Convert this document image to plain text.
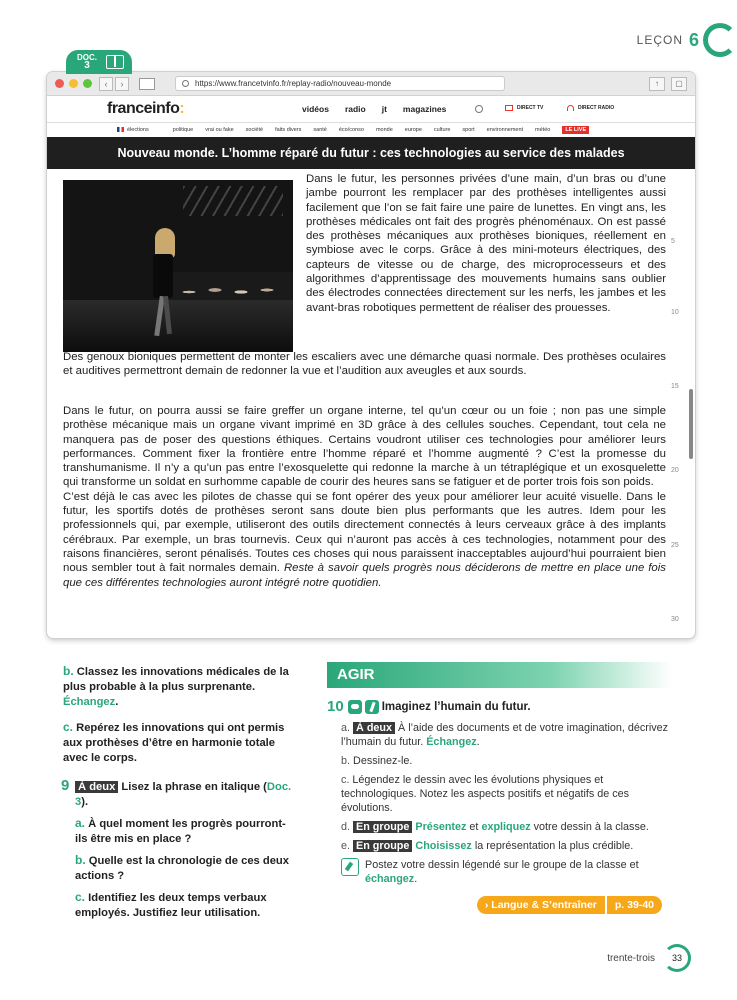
LEÇON 6
DOC.
3
‹	›	https://www.francetvinfo.fr/replay-radio/nouveau-monde	↑	▢
franceinfo:	vidéos radio jt magazines	DIRECT TV	DIRECT RADIO
élections	politique vrai ou fake société faits divers santé éco/conso monde europe culture sport environnement météo	LE LIVE
Nouveau monde. L’homme réparé du futur : ces technologies au service des malades

Dans le futur, les personnes privées d’une main, d’un bras ou d’une jambe pourront les remplacer par des prothèses intelligentes aussi facilement que l’on se fait faire une paire de lunettes. En vingt ans, les prothèses médicales ont fait des progrès phénoménaux. On est passé des prothèses mécaniques aux prothèses bioniques, réellement en symbiose avec le corps. Grâce à des mini-moteurs électriques, des capteurs de vitesse ou de charge, des microprocesseurs et des algorithmes d’apprentissage des mouvements humains sans oublier des électrodes connectées directement sur les nerfs, les jambes et les avant-bras robotiques permettent de réaliser des prouesses.

Des genoux bioniques permettent de monter les escaliers avec une démarche quasi normale. Des prothèses oculaires et auditives permettront demain de redonner la vue et l’audition aux aveugles et aux sourds.

Dans le futur, on pourra aussi se faire greffer un organe interne, tel qu’un cœur ou un foie ; non pas une simple prothèse mécanique mais un organe vivant imprimé en 3D grâce à des cellules souches. Cependant, tout cela ne manquera pas de poser des questions éthiques. Certains voudront utiliser ces technologies pour améliorer leurs performances. Comment fixer la frontière entre l’homme réparé et l’homme augmenté ? C’est la promesse du transhumanisme. Il n’y a qu’un pas entre l’exosquelette qui redonne la marche à un tétraplégique et un exosquelette qui transforme un soldat en surhomme capable de courir des heures sans se fatiguer et de porter trois fois son poids.

C’est déjà le cas avec les pilotes de chasse qui se font opérer des yeux pour améliorer leur acuité visuelle. Dans le futur, les sportifs dotés de prothèses seront sans doute bien plus performants que les autres. Idem pour les professionnels qui, par exemple, utiliseront des outils directement connectés à leurs cerveaux grâce à des implants cérébraux. Par exemple, un bras tournevis. Ceux qui n’auront pas accès à ces technologies, notamment pour des raisons financières, seront pénalisés. Toutes ces choses qui nous paraissent inacceptables aujourd’hui pourraient bien nous sembler tout à fait normales demain. Reste à savoir quels progrès nous déciderons de mettre en place une fois que ces différentes technologies auront intégré notre quotidien.

5
10
15
20
25
30

b. Classez les innovations médicales de la plus probable à la plus surprenante. Échangez.

c. Repérez les innovations qui ont permis aux prothèses d’être en harmonie totale avec le corps.

9 À deux Lisez la phrase en italique (Doc. 3).

a. À quel moment les progrès pourront-ils être mis en place ?

b. Quelle est la chronologie de ces deux actions ?

c. Identifiez les deux temps verbaux employés. Justifiez leur utilisation.

AGIR
10	Imaginez l’humain du futur.

a. À deux À l’aide des documents et de votre imagination, décrivez l’humain du futur. Échangez.

b. Dessinez-le.

c. Légendez le dessin avec les évolutions physiques et technologiques. Notez les aspects positifs et négatifs de ces évolutions.

d. En groupe Présentez et expliquez votre dessin à la classe.

e. En groupe Choisissez la représentation la plus crédible.

Postez votre dessin légendé sur le groupe de la classe et échangez.

› Langue & S’entraîner	p. 39-40
trente-trois	33
